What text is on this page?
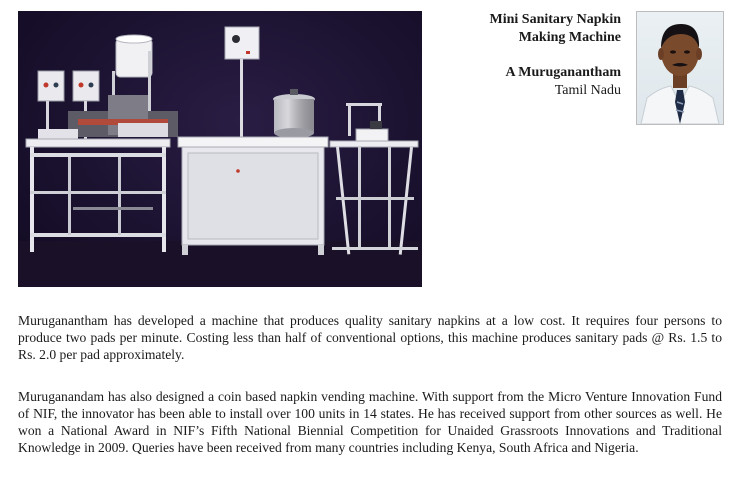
Mini Sanitary Napkin
Making Machine

A Muruganantham

Tamil Nadu

Muruganantham has developed a machine that produces quality sanitary napkins at a low cost. It requires four persons to produce two pads per minute. Costing less than half of conventional options, this machine produces sanitary pads @ Rs. 1.5 to Rs. 2.0 per pad approximately.

Muruganandam has also designed a coin based napkin vending machine. With support from the Micro Venture Innovation Fund of NIF, the innovator has been able to install over 100 units in 14 states. He has received support from other sources as well. He won a National Award in NIF’s Fifth National Biennial Competition for Unaided Grassroots Innovations and Traditional Knowledge in 2009. Queries have been received from many countries including Kenya, South Africa and Nigeria.
